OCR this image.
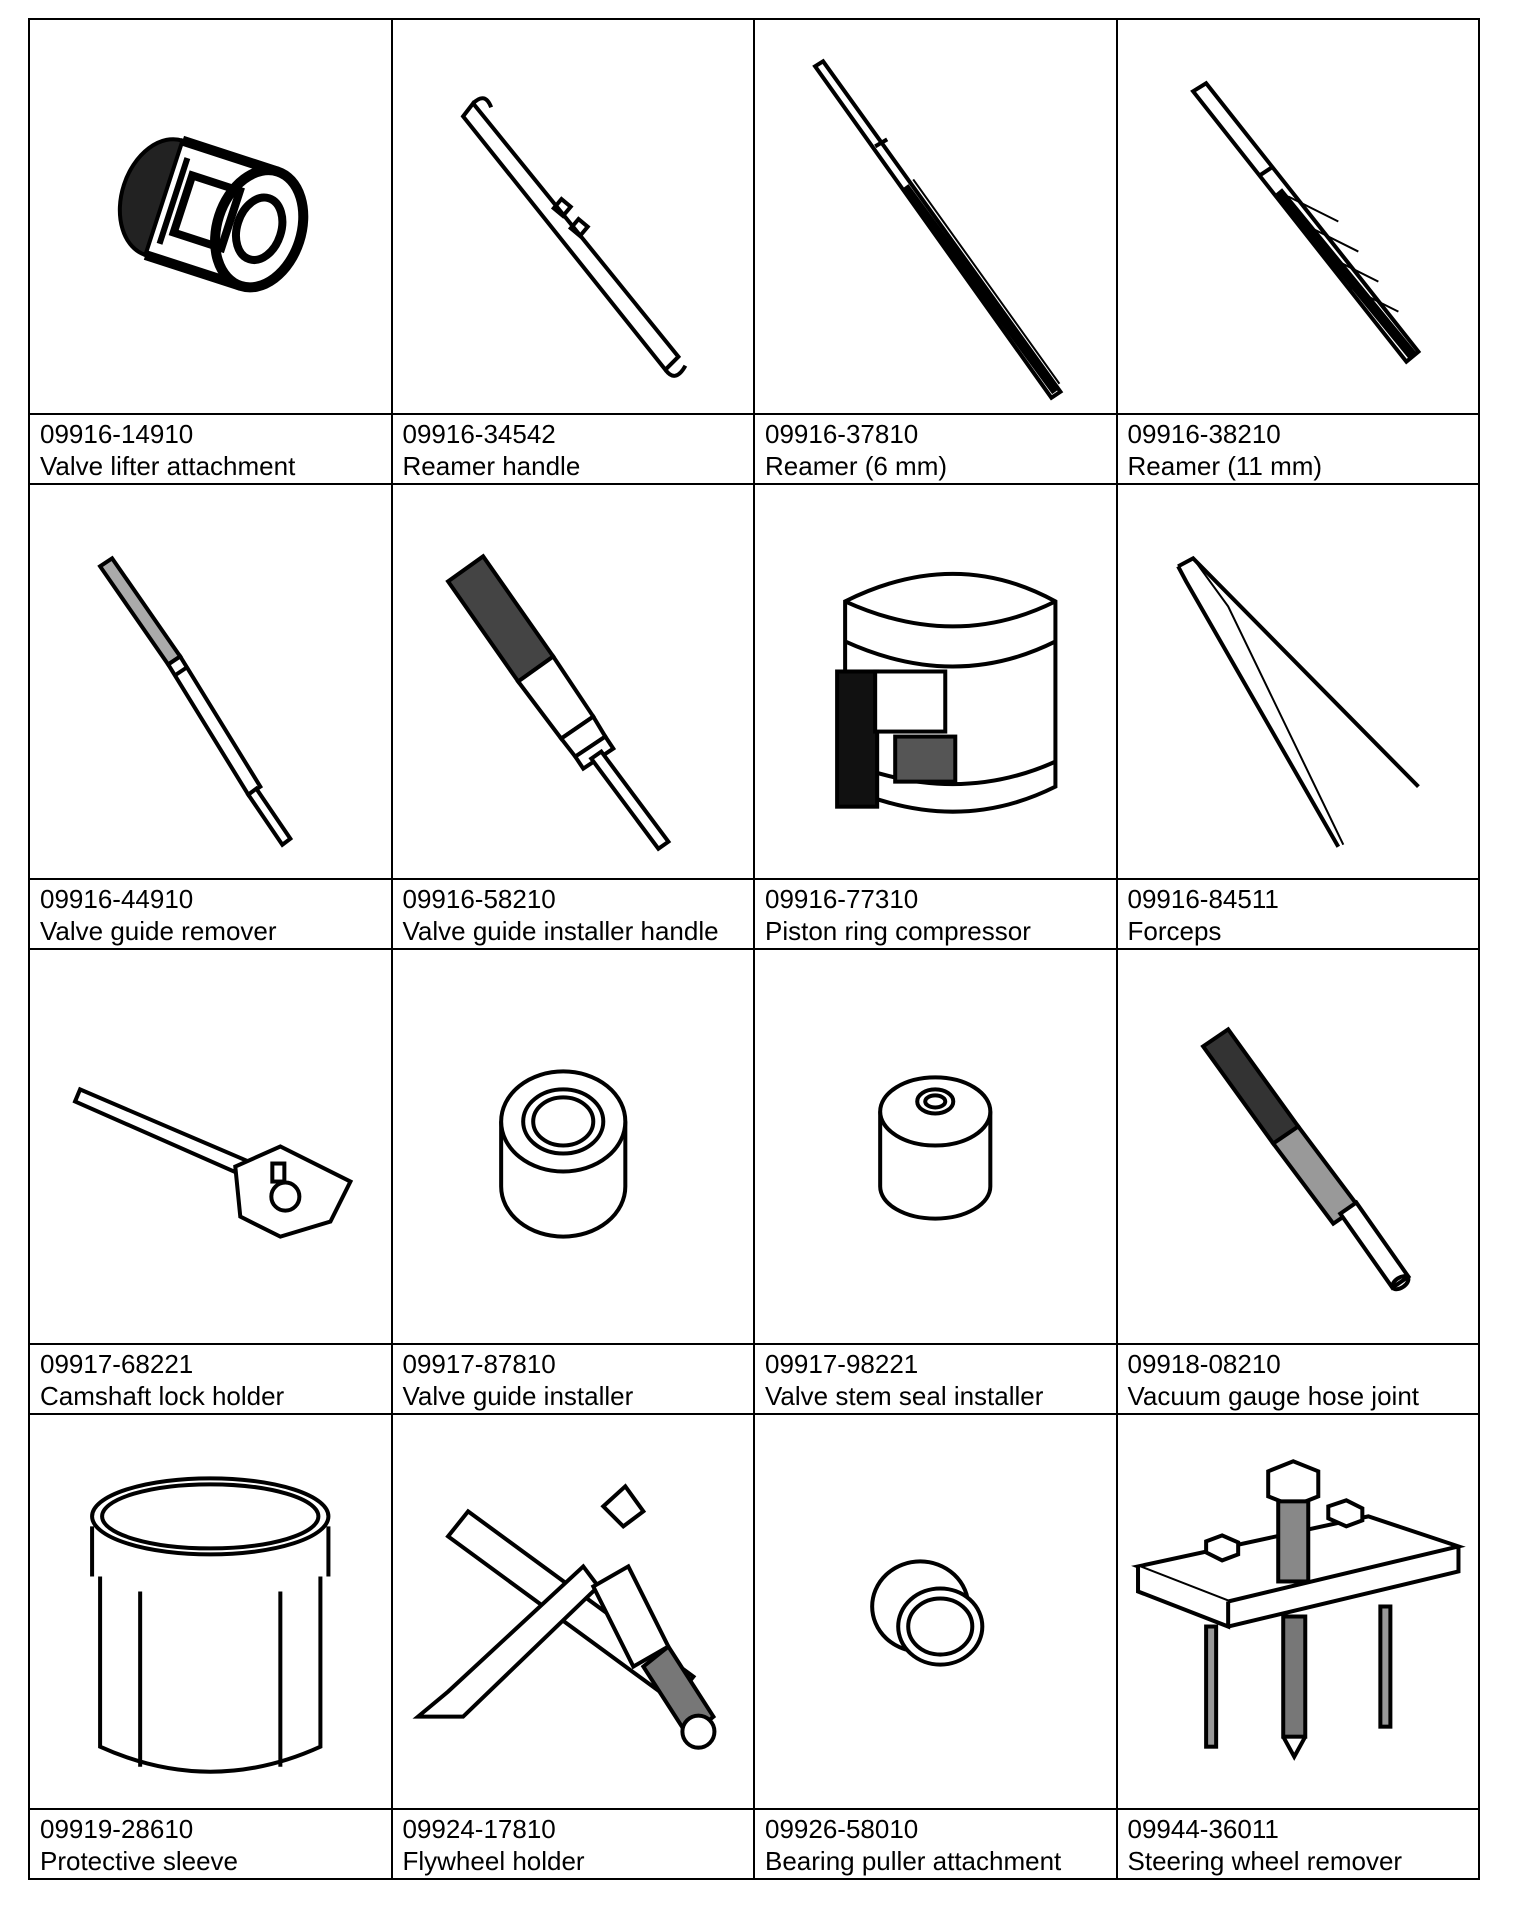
09916-14910
Valve lifter attachment
09916-34542
Reamer handle
09916-37810
Reamer (6 mm)
09916-38210
Reamer (11 mm)
09916-44910
Valve guide remover
09916-58210
Valve guide installer handle
09916-77310
Piston ring compressor
09916-84511
Forceps
09917-68221
Camshaft lock holder
09917-87810
Valve guide installer
09917-98221
Valve stem seal installer
09918-08210
Vacuum gauge hose joint
09919-28610
Protective sleeve
09924-17810
Flywheel holder
09926-58010
Bearing puller attachment
09944-36011
Steering wheel remover
